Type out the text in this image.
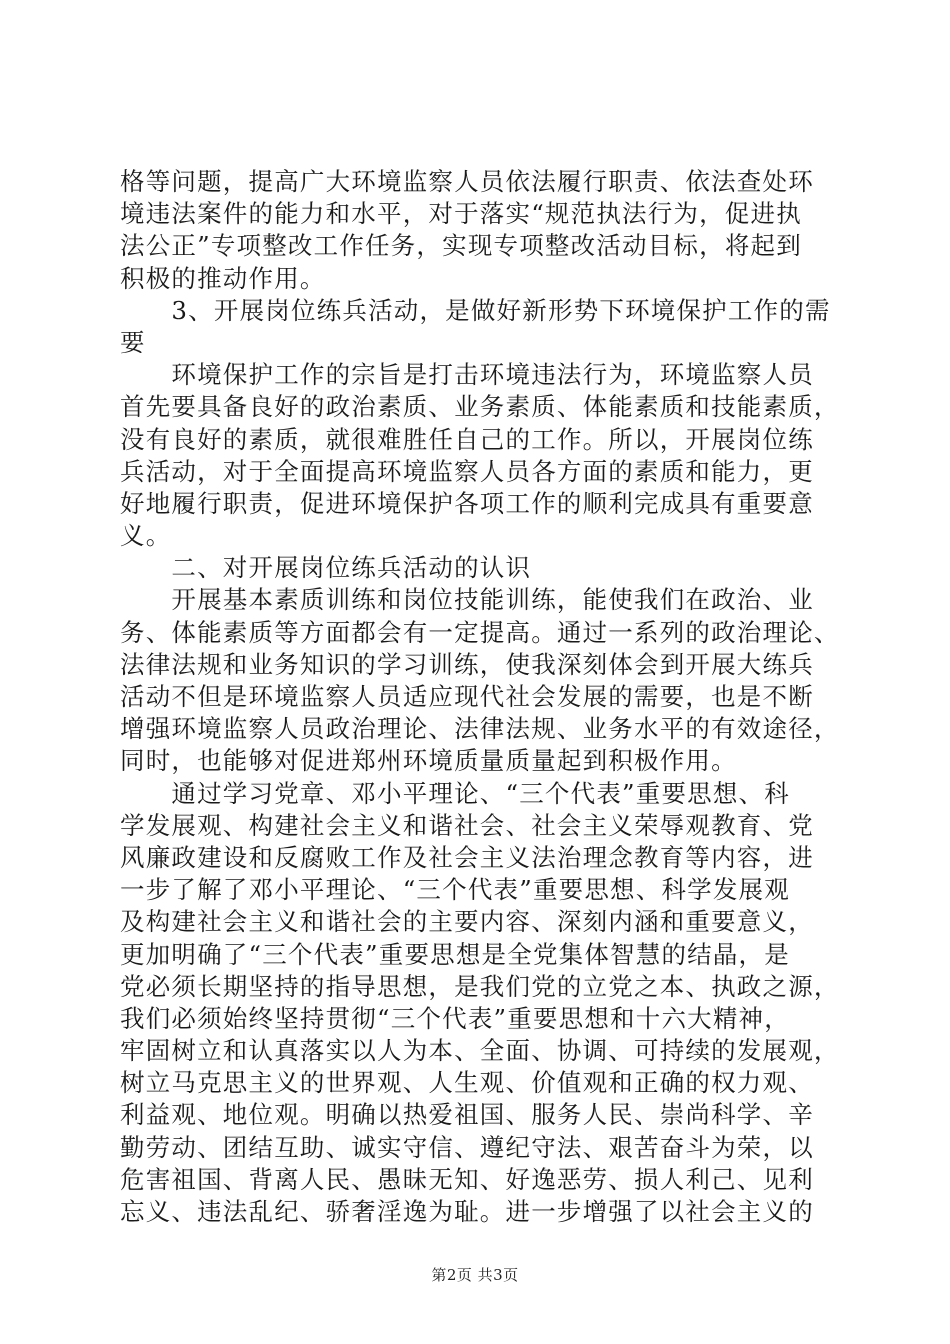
格等问题，提高广大环境监察人员依法履行职责、依法查处环
境违法案件的能力和水平，对于落实“规范执法行为，促进执
法公正”专项整改工作任务，实现专项整改活动目标，将起到
积极的推动作用。
　　3、开展岗位练兵活动，是做好新形势下环境保护工作的需
要
　　环境保护工作的宗旨是打击环境违法行为，环境监察人员
首先要具备良好的政治素质、业务素质、体能素质和技能素质，
没有良好的素质，就很难胜任自己的工作。所以，开展岗位练
兵活动，对于全面提高环境监察人员各方面的素质和能力，更
好地履行职责，促进环境保护各项工作的顺利完成具有重要意
义。
　　二、对开展岗位练兵活动的认识
　　开展基本素质训练和岗位技能训练，能使我们在政治、业
务、体能素质等方面都会有一定提高。通过一系列的政治理论、
法律法规和业务知识的学习训练，使我深刻体会到开展大练兵
活动不但是环境监察人员适应现代社会发展的需要，也是不断
增强环境监察人员政治理论、法律法规、业务水平的有效途径，
同时，也能够对促进郑州环境质量质量起到积极作用。
　　通过学习党章、邓小平理论、“三个代表”重要思想、科
学发展观、构建社会主义和谐社会、社会主义荣辱观教育、党
风廉政建设和反腐败工作及社会主义法治理念教育等内容，进
一步了解了邓小平理论、“三个代表”重要思想、科学发展观
及构建社会主义和谐社会的主要内容、深刻内涵和重要意义，
更加明确了“三个代表”重要思想是全党集体智慧的结晶，是
党必须长期坚持的指导思想，是我们党的立党之本、执政之源，
我们必须始终坚持贯彻“三个代表”重要思想和十六大精神，
牢固树立和认真落实以人为本、全面、协调、可持续的发展观，
树立马克思主义的世界观、人生观、价值观和正确的权力观、
利益观、地位观。明确以热爱祖国、服务人民、崇尚科学、辛
勤劳动、团结互助、诚实守信、遵纪守法、艰苦奋斗为荣，以
危害祖国、背离人民、愚昧无知、好逸恶劳、损人利己、见利
忘义、违法乱纪、骄奢淫逸为耻。进一步增强了以社会主义的
第2页 共3页
